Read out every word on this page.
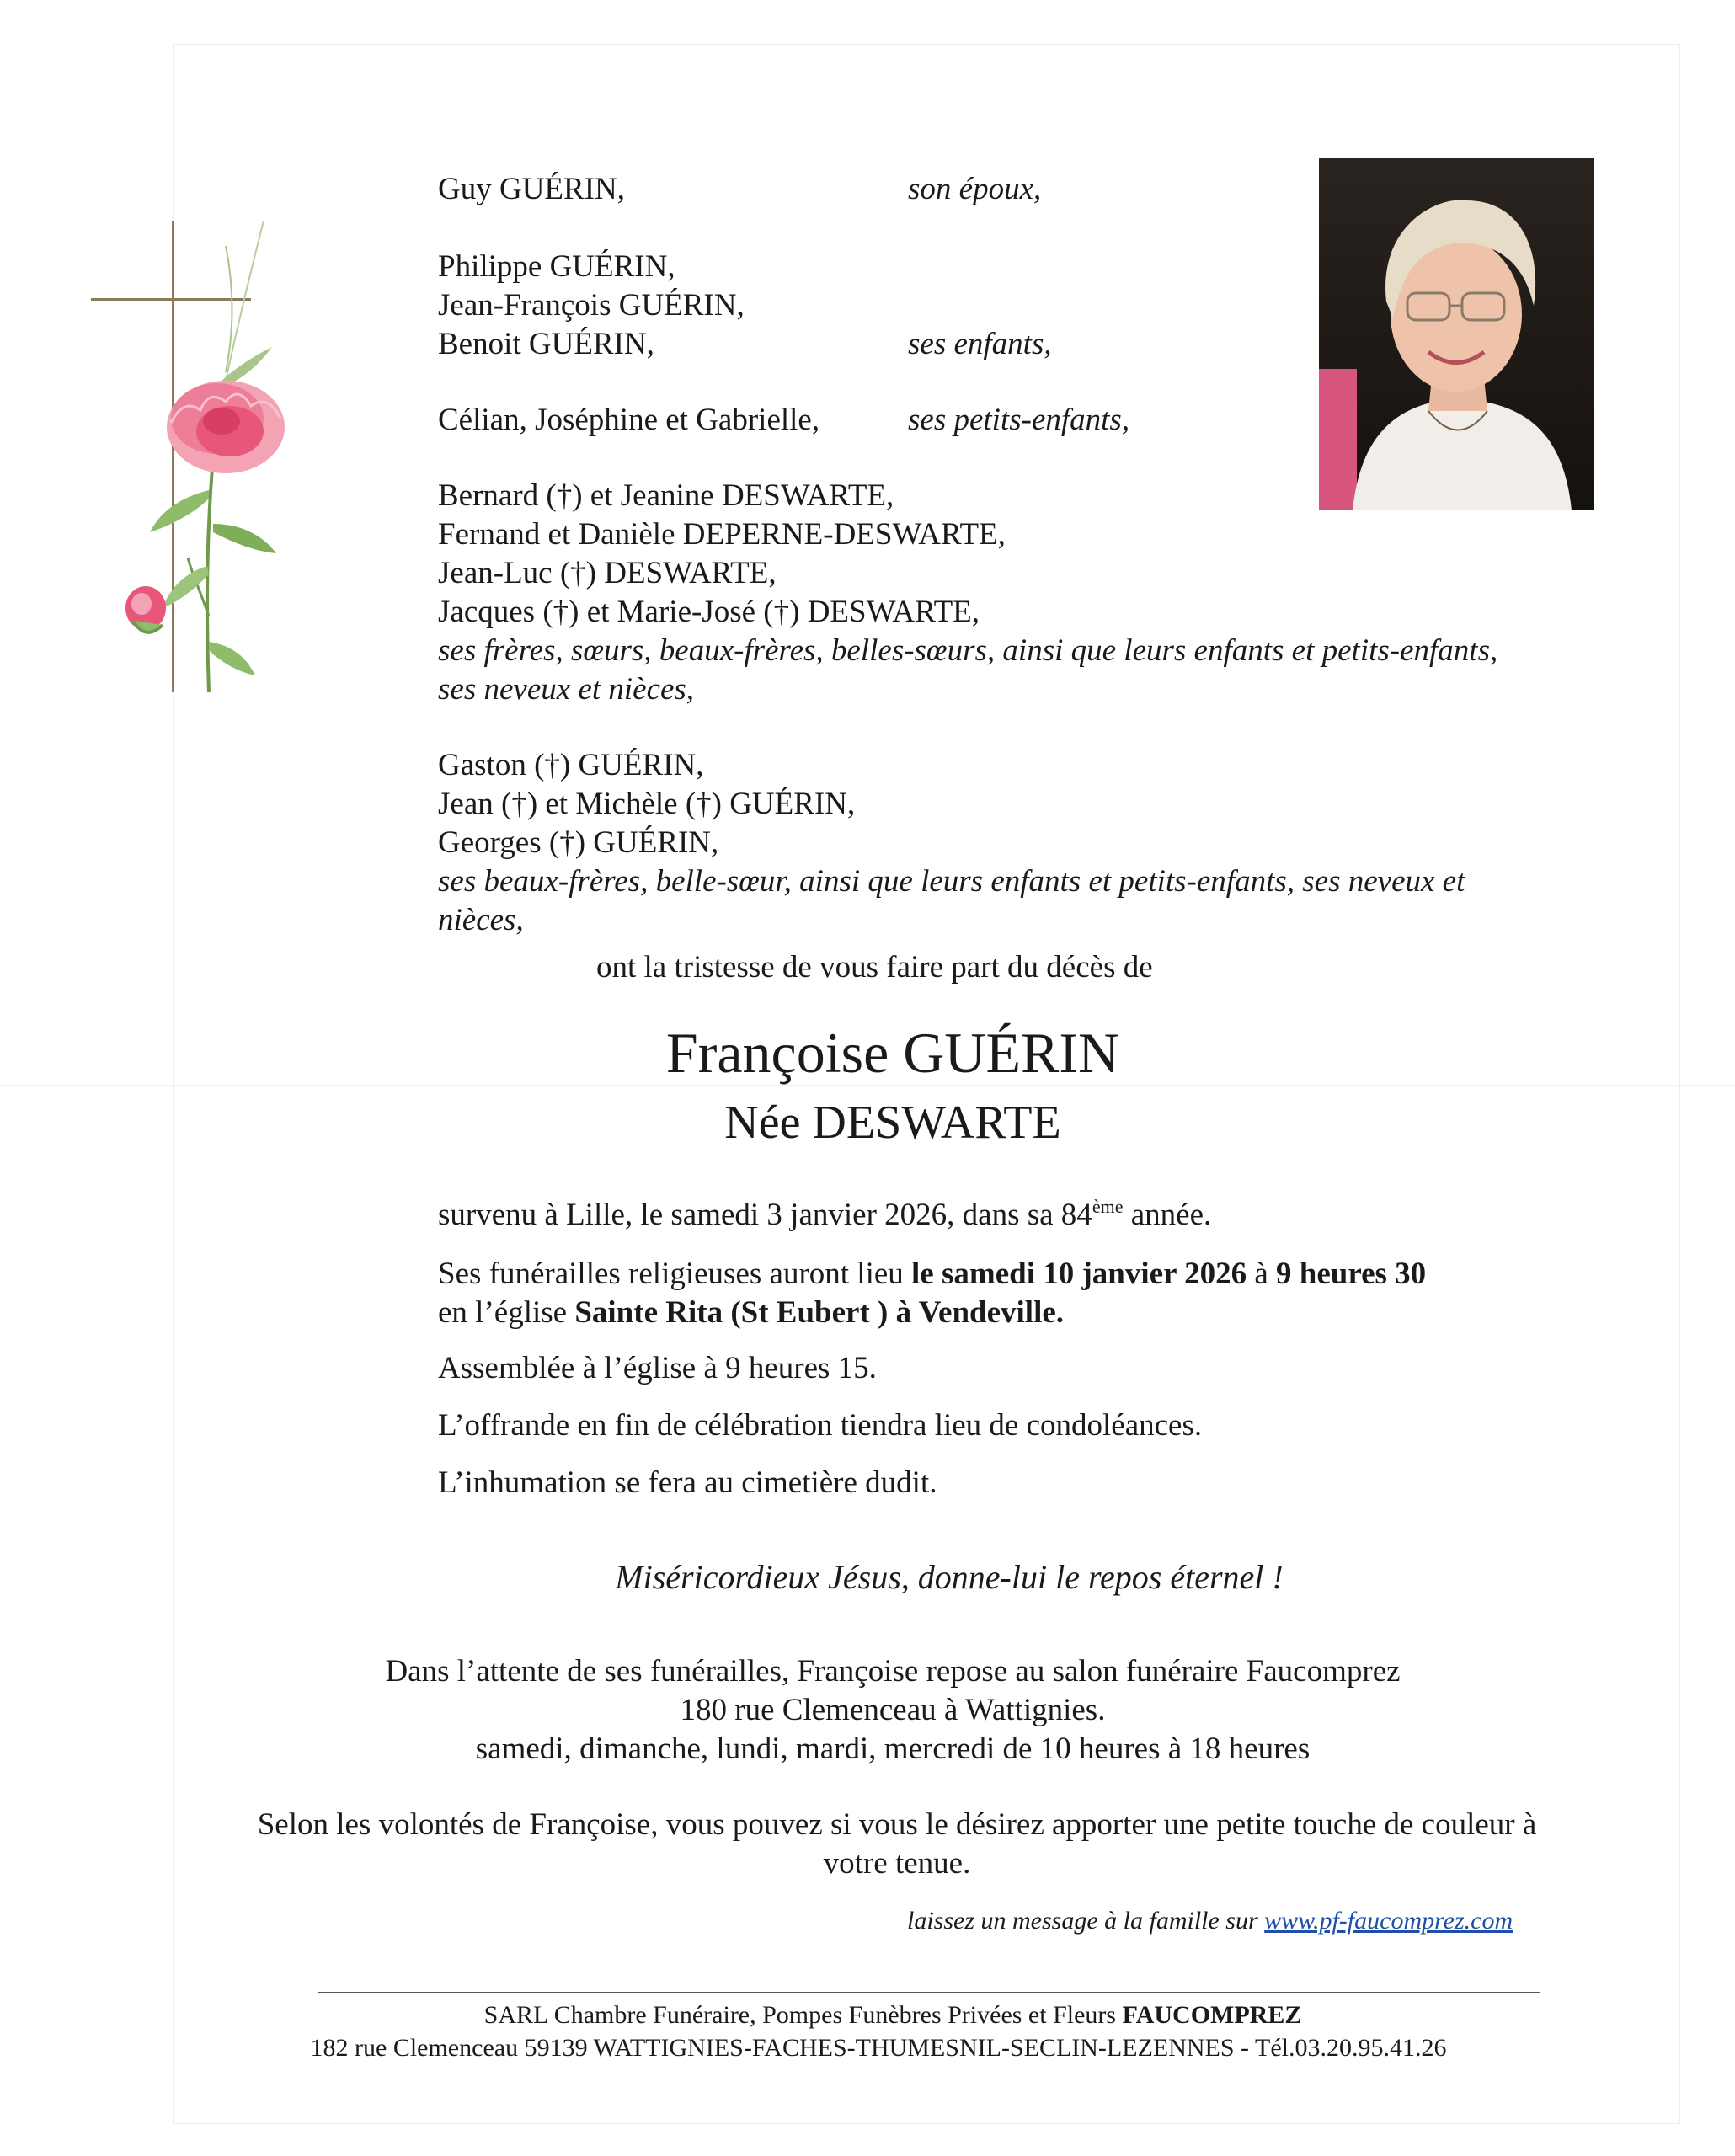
Guy GUÉRIN,	son époux,
Philippe GUÉRIN,
Jean-François GUÉRIN,
Benoit GUÉRIN,	ses enfants,
Célian, Joséphine et Gabrielle,	ses petits-enfants,
Bernard (†) et Jeanine DESWARTE,
Fernand et Danièle DEPERNE-DESWARTE,
Jean-Luc (†) DESWARTE,
Jacques (†) et Marie-José (†) DESWARTE,
ses frères, sœurs, beaux-frères, belles-sœurs, ainsi que leurs enfants et petits-enfants,
ses neveux et nièces,
Gaston (†) GUÉRIN,
Jean (†) et Michèle (†) GUÉRIN,
Georges (†) GUÉRIN,
ses beaux-frères, belle-sœur, ainsi que leurs enfants et petits-enfants, ses neveux et
nièces,
ont la tristesse de vous faire part du décès de
Françoise GUÉRIN
Née DESWARTE
survenu à Lille, le samedi 3 janvier 2026, dans sa 84ème année.
Ses funérailles religieuses auront lieu le samedi 10 janvier 2026 à 9 heures 30
en l’église Sainte Rita (St Eubert ) à Vendeville.
Assemblée à l’église à 9 heures 15.
L’offrande en fin de célébration tiendra lieu de condoléances.
L’inhumation se fera au cimetière dudit.
Miséricordieux Jésus, donne-lui le repos éternel !
Dans l’attente de ses funérailles, Françoise repose au salon funéraire Faucomprez
180 rue Clemenceau à Wattignies.
samedi, dimanche, lundi, mardi, mercredi de 10 heures à 18 heures
Selon les volontés de Françoise, vous pouvez si vous le désirez apporter une petite touche de couleur à
votre tenue.
laissez un message à la famille sur www.pf-faucomprez.com
SARL Chambre Funéraire, Pompes Funèbres Privées et Fleurs FAUCOMPREZ
182 rue Clemenceau 59139 WATTIGNIES-FACHES-THUMESNIL-SECLIN-LEZENNES - Tél.03.20.95.41.26
